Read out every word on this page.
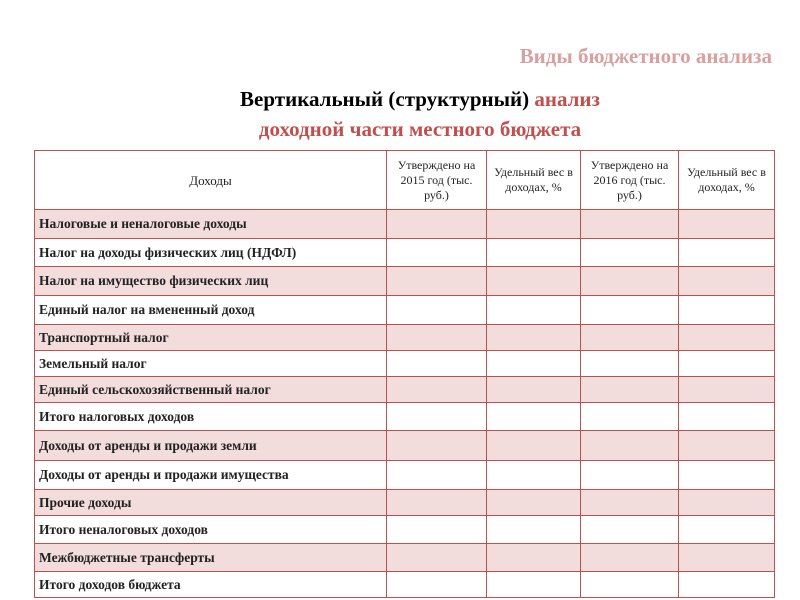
Виды бюджетного анализа
Вертикальный (структурный) анализ
доходной части местного бюджета
Доходы	Утверждено на 2015 год (тыс. руб.)	Удельный вес в доходах, %	Утверждено на 2016 год (тыс. руб.)	Удельный вес в доходах, %
Налоговые и неналоговые доходы				
Налог на доходы физических лиц (НДФЛ)				
Налог на имущество физических лиц				
Единый налог на вмененный доход				
Транспортный налог				
Земельный налог				
Единый сельскохозяйственный налог				
Итого налоговых доходов				
Доходы от аренды и продажи земли				
Доходы от аренды и продажи имущества				
Прочие доходы				
Итого неналоговых доходов				
Межбюджетные трансферты				
Итого доходов бюджета				
